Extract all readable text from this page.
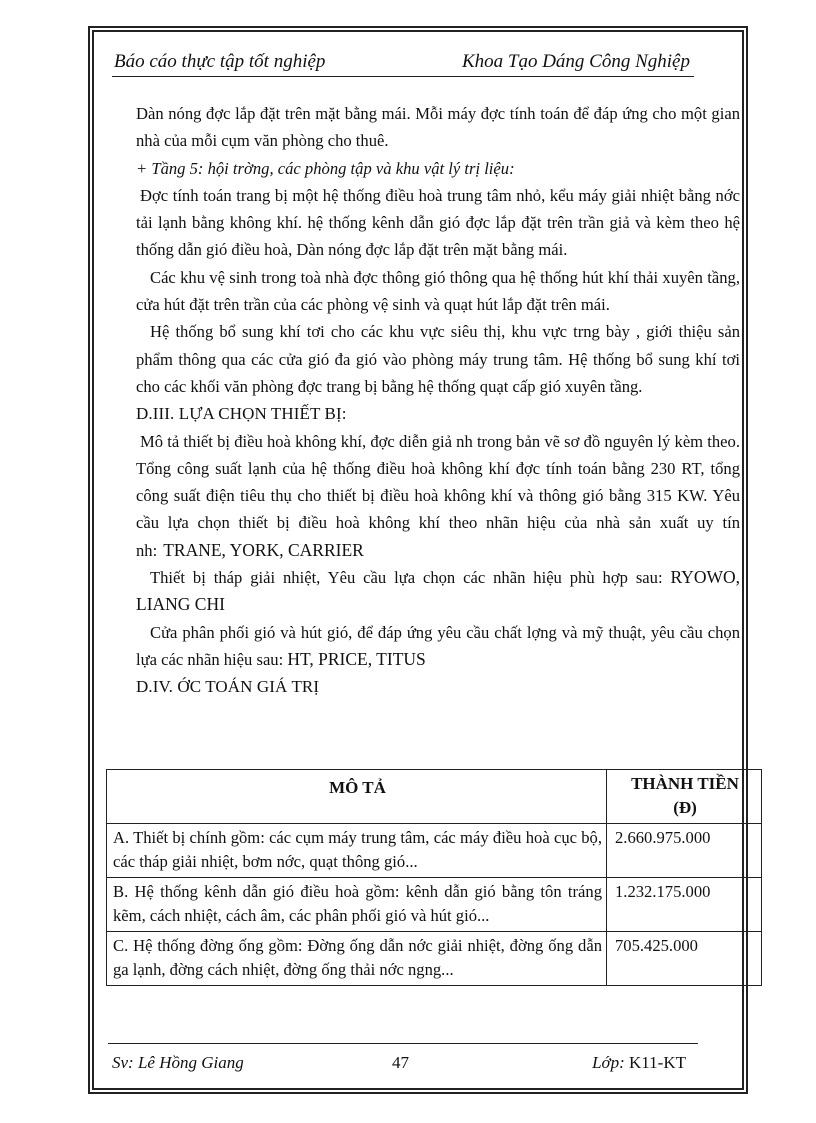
Báo cáo thực tập tốt nghiệp	Khoa Tạo Dáng Công Nghiệp

Dàn nóng đợc lắp đặt trên mặt bằng mái. Mỗi máy đợc tính toán để đáp ứng cho một gian nhà của mỗi cụm văn phòng cho thuê.

+ Tầng 5: hội trờng, các phòng tập và khu vật lý trị liệu:

Đợc tính toán trang bị một hệ thống điều hoà trung tâm nhỏ, kểu máy giải nhiệt bằng nớc tải lạnh bằng không khí. hệ thống kênh dẫn gió đợc lắp đặt trên trần giả và kèm theo hệ thống dẫn gió điều hoà, Dàn nóng đợc lắp đặt trên mặt bằng mái.

Các khu vệ sinh trong toà nhà đợc thông gió thông qua hệ thống hút khí thải xuyên tầng, cửa hút đặt trên trần của các phòng vệ sinh và quạt hút lắp đặt trên mái.

Hệ thống bổ sung khí tơi cho các khu vực siêu thị, khu vực trng bày , giới thiệu sản phẩm thông qua các cửa gió đa gió vào phòng máy trung tâm. Hệ thống bổ sung khí tơi cho các khối văn phòng đợc trang bị bằng hệ thống quạt cấp gió xuyên tầng.

D.III. LỰA CHỌN THIẾT BỊ:

Mô tả thiết bị điều hoà không khí, đợc diễn giả nh trong bản vẽ sơ đồ nguyên lý kèm theo. Tổng công suất lạnh của hệ thống điều hoà không khí đợc tính toán bằng 230 RT, tổng công suất điện tiêu thụ cho thiết bị điều hoà không khí và thông gió bằng 315 KW. Yêu cầu lựa chọn thiết bị điều hoà không khí theo nhãn hiệu của nhà sản xuất uy tín nh: TRANE, YORK, CARRIER

Thiết bị tháp giải nhiệt, Yêu cầu lựa chọn các nhãn hiệu phù hợp sau: RYOWO, LIANG CHI

Cửa phân phối gió và hút gió, để đáp ứng yêu cầu chất lợng và mỹ thuật, yêu cầu chọn lựa các nhãn hiệu sau: HT, PRICE, TITUS

D.IV. ỚC TOÁN GIÁ TRỊ

MÔ TẢ	THÀNH TIỀN
(Đ)
A. Thiết bị chính gồm: các cụm máy trung tâm, các máy điều hoà cục bộ, các tháp giải nhiệt, bơm nớc, quạt thông gió...	2.660.975.000
B. Hệ thống kênh dẫn gió điều hoà gồm: kênh dẫn gió bằng tôn tráng kẽm, cách nhiệt, cách âm, các phân phối gió và hút gió...	1.232.175.000
C. Hệ thống đờng ống gồm: Đờng ống dẫn nớc giải nhiệt, đờng ống dẫn ga lạnh, đờng cách nhiệt, đờng ống thải nớc ngng...	705.425.000
Sv: Lê Hồng Giang	47	Lớp: K11-KT
